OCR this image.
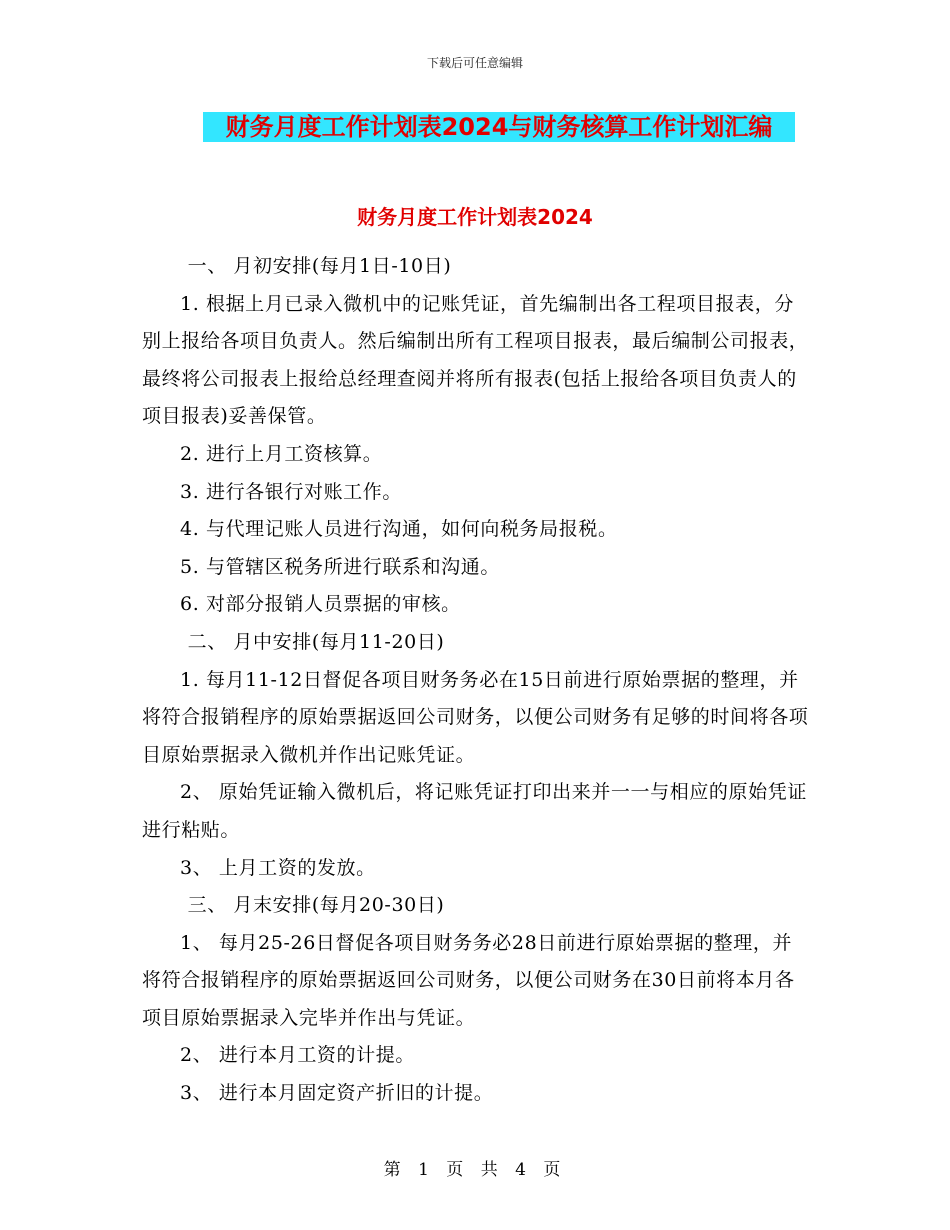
下载后可任意编辑
财务月度工作计划表2024与财务核算工作计划汇编
财务月度工作计划表2024

一、 月初安排(每月1日-10日)

1. 根据上月已录入微机中的记账凭证，首先编制出各工程项目报表，分别上报给各项目负责人。然后编制出所有工程项目报表，最后编制公司报表，最终将公司报表上报给总经理查阅并将所有报表(包括上报给各项目负责人的项目报表)妥善保管。

2. 进行上月工资核算。

3. 进行各银行对账工作。

4. 与代理记账人员进行沟通，如何向税务局报税。

5. 与管辖区税务所进行联系和沟通。

6. 对部分报销人员票据的审核。

二、 月中安排(每月11-20日)

1. 每月11-12日督促各项目财务务必在15日前进行原始票据的整理，并将符合报销程序的原始票据返回公司财务，以便公司财务有足够的时间将各项目原始票据录入微机并作出记账凭证。

2、 原始凭证输入微机后，将记账凭证打印出来并一一与相应的原始凭证进行粘贴。

3、 上月工资的发放。

三、 月末安排(每月20-30日)

1、 每月25-26日督促各项目财务务必28日前进行原始票据的整理，并将符合报销程序的原始票据返回公司财务，以便公司财务在30日前将本月各项目原始票据录入完毕并作出与凭证。

2、 进行本月工资的计提。

3、 进行本月固定资产折旧的计提。

第 1 页 共 4 页
